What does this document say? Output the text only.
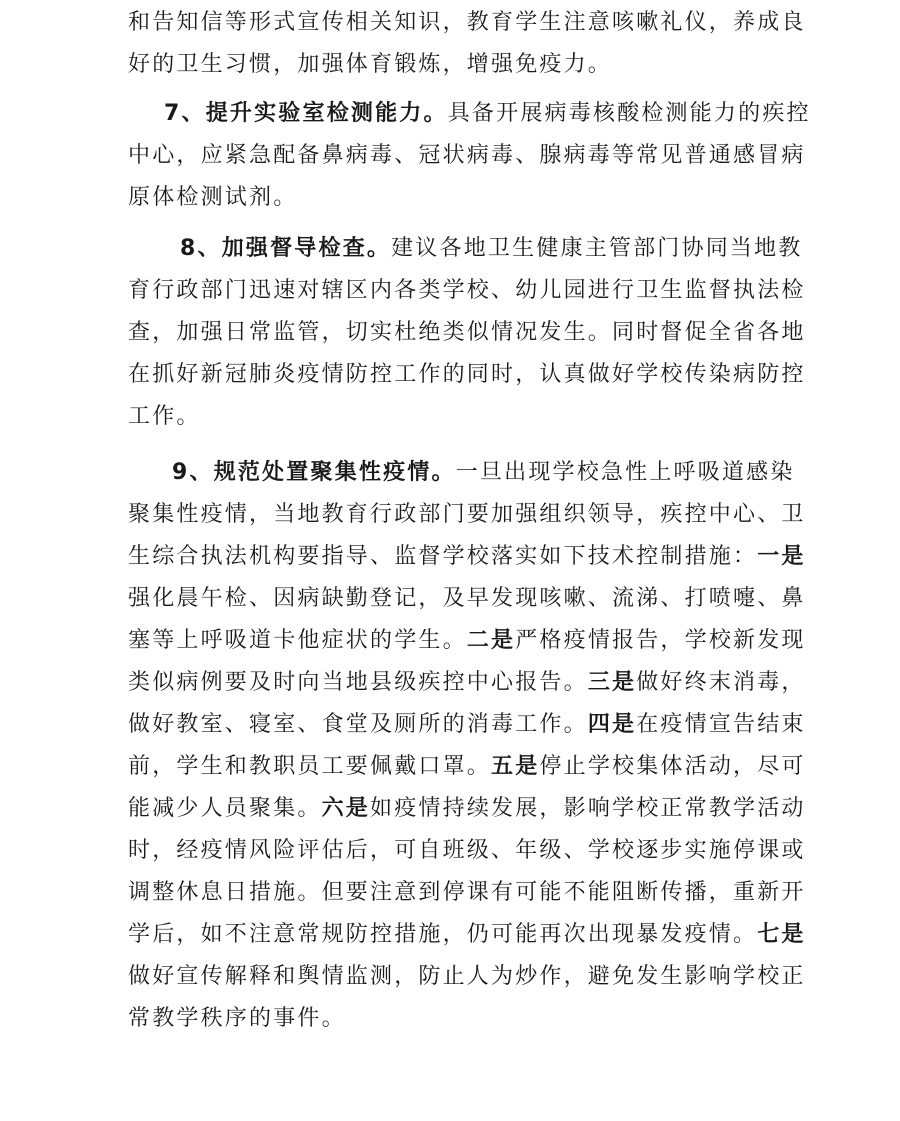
和告知信等形式宣传相关知识，教育学生注意咳嗽礼仪，养成良
好的卫生习惯，加强体育锻炼，增强免疫力。
7、提升实验室检测能力。具备开展病毒核酸检测能力的疾控
中心，应紧急配备鼻病毒、冠状病毒、腺病毒等常见普通感冒病
原体检测试剂。
8、加强督导检查。建议各地卫生健康主管部门协同当地教
育行政部门迅速对辖区内各类学校、幼儿园进行卫生监督执法检
查，加强日常监管，切实杜绝类似情况发生。同时督促全省各地
在抓好新冠肺炎疫情防控工作的同时，认真做好学校传染病防控
工作。
9、规范处置聚集性疫情。一旦出现学校急性上呼吸道感染
聚集性疫情，当地教育行政部门要加强组织领导，疾控中心、卫
生综合执法机构要指导、监督学校落实如下技术控制措施：一是
强化晨午检、因病缺勤登记，及早发现咳嗽、流涕、打喷嚏、鼻
塞等上呼吸道卡他症状的学生。二是严格疫情报告，学校新发现
类似病例要及时向当地县级疾控中心报告。三是做好终末消毒，
做好教室、寝室、食堂及厕所的消毒工作。四是在疫情宣告结束
前，学生和教职员工要佩戴口罩。五是停止学校集体活动，尽可
能减少人员聚集。六是如疫情持续发展，影响学校正常教学活动
时，经疫情风险评估后，可自班级、年级、学校逐步实施停课或
调整休息日措施。但要注意到停课有可能不能阻断传播，重新开
学后，如不注意常规防控措施，仍可能再次出现暴发疫情。七是
做好宣传解释和舆情监测，防止人为炒作，避免发生影响学校正
常教学秩序的事件。
